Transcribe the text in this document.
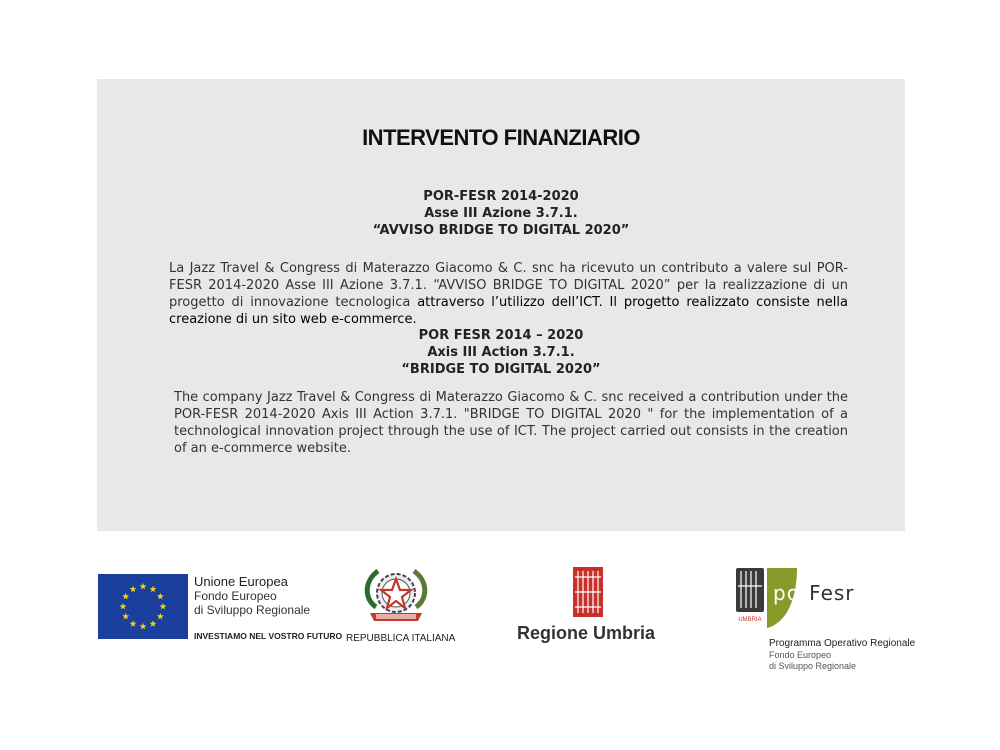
INTERVENTO FINANZIARIO
POR-FESR 2014-2020
Asse III Azione 3.7.1.
“AVVISO BRIDGE TO DIGITAL 2020”
La Jazz Travel & Congress di Materazzo Giacomo & C. snc ha ricevuto un contributo a valere sul POR-FESR 2014-2020 Asse III Azione 3.7.1. “AVVISO BRIDGE TO DIGITAL 2020” per la realizzazione di un progetto di innovazione tecnologica attraverso l’utilizzo dell’ICT. Il progetto realizzato consiste nella creazione di un sito web e-commerce.
POR FESR 2014 – 2020
Axis III Action 3.7.1.
“BRIDGE TO DIGITAL 2020”
The company Jazz Travel & Congress di Materazzo Giacomo & C. snc received a contribution under the POR-FESR 2014-2020 Axis III Action 3.7.1. "BRIDGE TO DIGITAL 2020 " for the implementation of a technological innovation project through the use of ICT. The project carried out consists in the creation of an e-commerce website.
Unione Europea
Fondo Europeo
di Sviluppo Regionale
INVESTIAMO NEL VOSTRO FUTURO REPUBBLICA ITALIANA	Regione Umbria
UMBRIA
porFesr
Programma Operativo Regionale
Fondo Europeo
di Sviluppo Regionale
